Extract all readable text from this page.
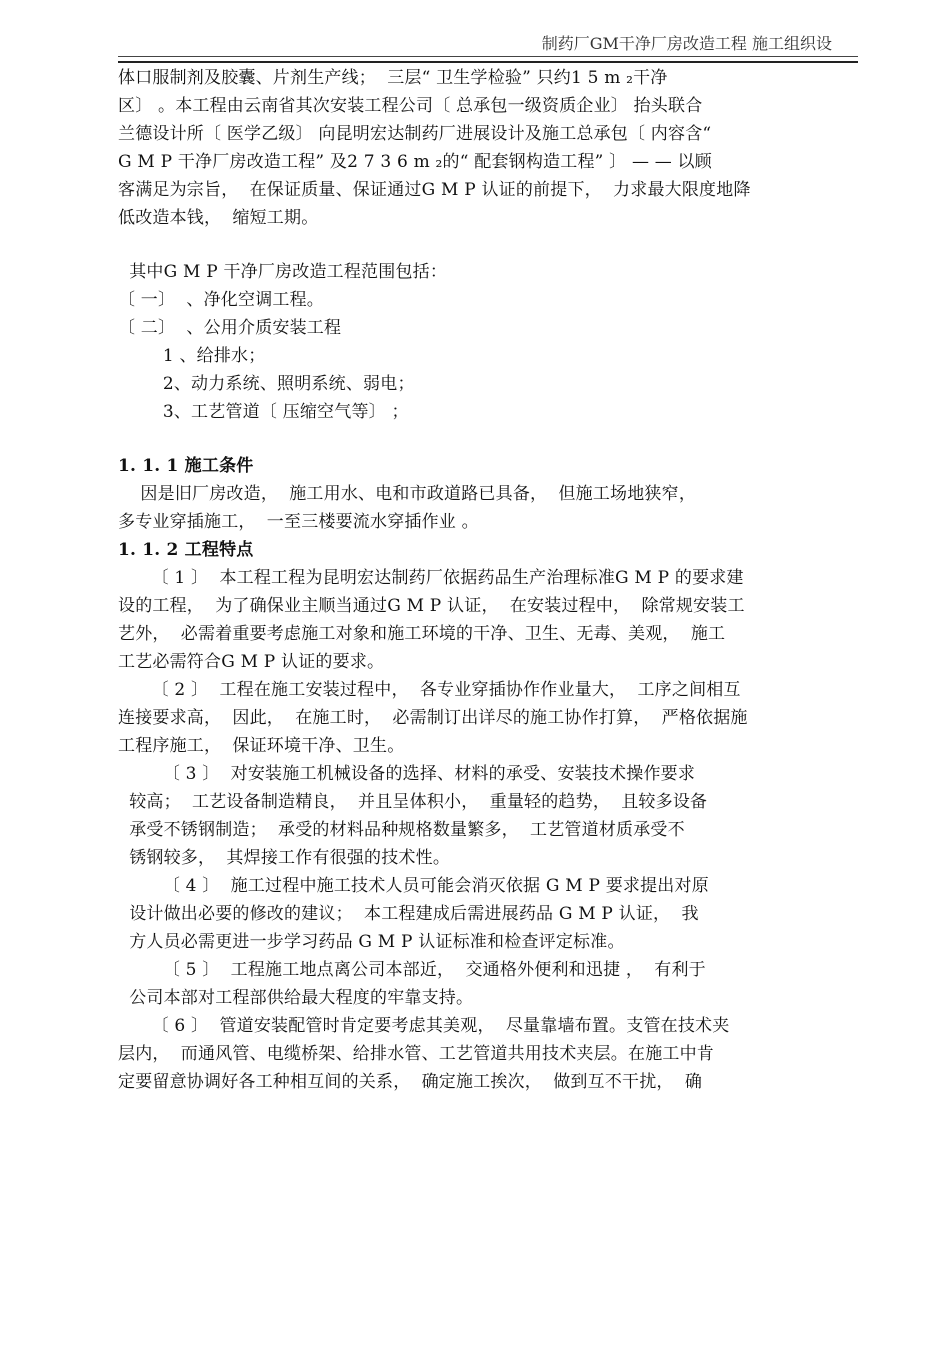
制药厂GM干净厂房改造工程 施工组织设
体口服制剂及胶囊、片剂生产线；  三层“ 卫生学检验” 只约1 5 m ₂干净
区〕 。本工程由云南省其次安装工程公司〔 总承包一级资质企业〕 抬头联合
兰德设计所〔 医学乙级〕 向昆明宏达制药厂进展设计及施工总承包〔 内容含“
G M P 干净厂房改造工程” 及2 7 3 6 m ₂的“ 配套钢构造工程” 〕 — — 以顾
客满足为宗旨，  在保证质量、保证通过G M P 认证的前提下，  力求最大限度地降
低改造本钱，  缩短工期。
其中G M P 干净厂房改造工程范围包括：
〔 一〕  、净化空调工程。
〔 二〕  、公用介质安装工程
1 、给排水；
2、动力系统、照明系统、弱电；
3、工艺管道〔 压缩空气等〕 ；
1. 1. 1 施工条件
因是旧厂房改造，  施工用水、电和市政道路已具备，  但施工场地狭窄，
多专业穿插施工，  一至三楼要流水穿插作业 。
1. 1. 2 工程特点
〔 1 〕  本工程工程为昆明宏达制药厂依据药品生产治理标准G M P 的要求建
设的工程，  为了确保业主顺当通过G M P 认证，  在安装过程中，  除常规安装工
艺外，  必需着重要考虑施工对象和施工环境的干净、卫生、无毒、美观，  施工
工艺必需符合G M P 认证的要求。
〔 2 〕  工程在施工安装过程中，  各专业穿插协作作业量大，  工序之间相互
连接要求高，  因此，  在施工时，  必需制订出详尽的施工协作打算，  严格依据施
工程序施工，  保证环境干净、卫生。
〔 3 〕  对安装施工机械设备的选择、材料的承受、安装技术操作要求
较高；  工艺设备制造精良，  并且呈体积小，  重量轻的趋势，  且较多设备
承受不锈钢制造；  承受的材料品种规格数量繁多，  工艺管道材质承受不
锈钢较多，  其焊接工作有很强的技术性。
〔 4 〕  施工过程中施工技术人员可能会消灭依据 G M P 要求提出对原
设计做出必要的修改的建议；  本工程建成后需进展药品 G M P 认证，  我
方人员必需更进一步学习药品 G M P 认证标准和检查评定标准。
〔 5 〕  工程施工地点离公司本部近，  交通格外便利和迅捷 ，  有利于
公司本部对工程部供给最大程度的牢靠支持。
〔 6 〕  管道安装配管时肯定要考虑其美观，  尽量靠墙布置。支管在技术夹
层内，  而通风管、电缆桥架、给排水管、工艺管道共用技术夹层。在施工中肯
定要留意协调好各工种相互间的关系，  确定施工挨次，  做到互不干扰，  确
